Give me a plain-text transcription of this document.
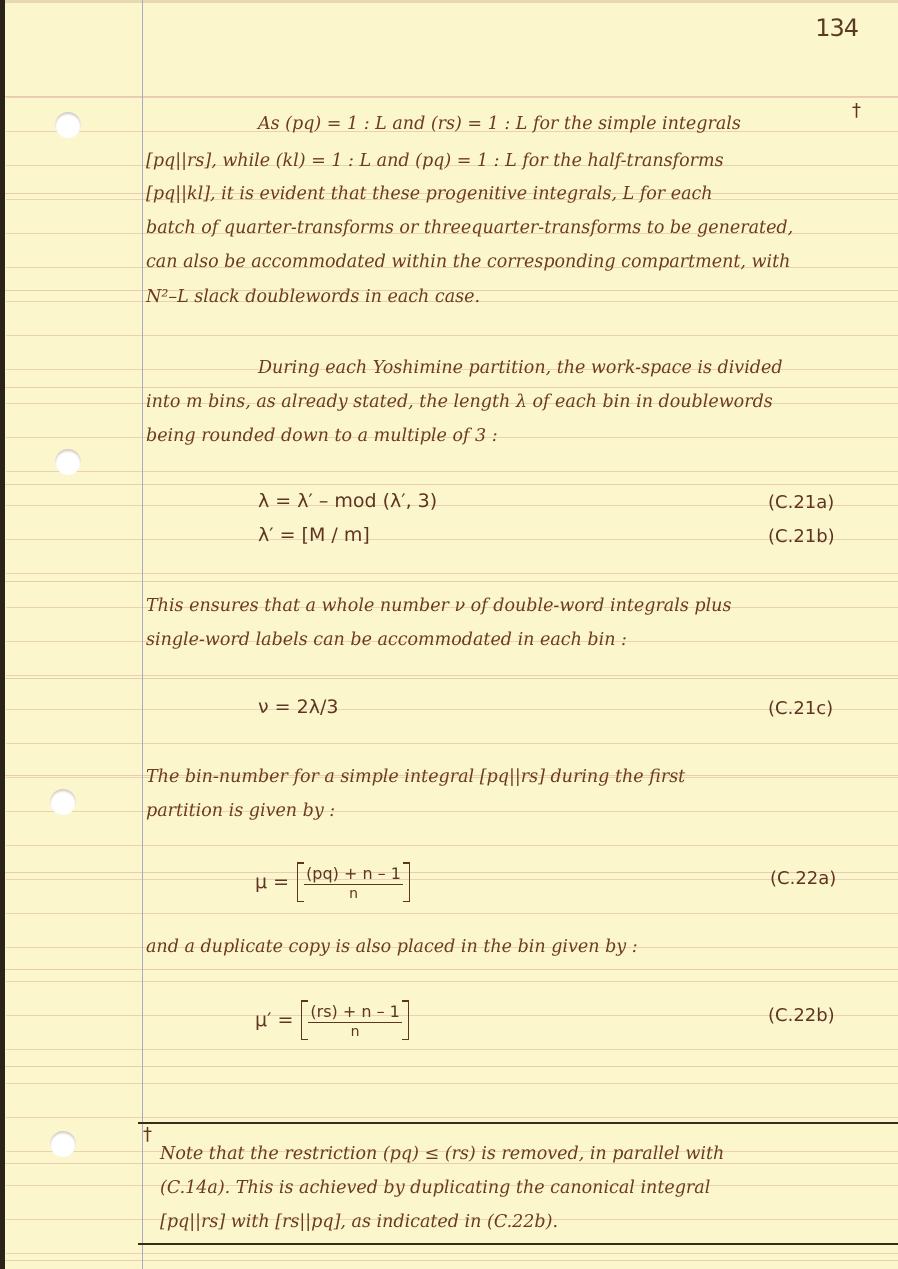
134
As (pq) = 1 : L and (rs) = 1 : L for the simple integrals
†
[pq||rs], while (kl) = 1 : L and (pq) = 1 : L for the half-transforms
[pq||kl], it is evident that these progenitive integrals, L for each
batch of quarter-transforms or threequarter-transforms to be generated,
can also be accommodated within the corresponding compartment, with
N²–L slack doublewords in each case.
During each Yoshimine partition, the work-space is divided
into m bins, as already stated, the length λ of each bin in doublewords
being rounded down to a multiple of 3 :
λ = λ′ – mod (λ′, 3)	(C.21a)
λ′ = [M / m]	(C.21b)
This ensures that a whole number ν of double-word integrals plus
single-word labels can be accommodated in each bin :
ν = 2λ/3	(C.21c)
The bin-number for a simple integral [pq||rs] during the first
partition is given by :
$\mu = \frac{(pq) + n - 1}{n}$	(C.22a)
and a duplicate copy is also placed in the bin given by :
$\mu' = \frac{(rs) + n - 1}{n}$	(C.22b)
†
Note that the restriction (pq) ≤ (rs) is removed, in parallel with
(C.14a). This is achieved by duplicating the canonical integral
[pq||rs] with [rs||pq], as indicated in (C.22b).
